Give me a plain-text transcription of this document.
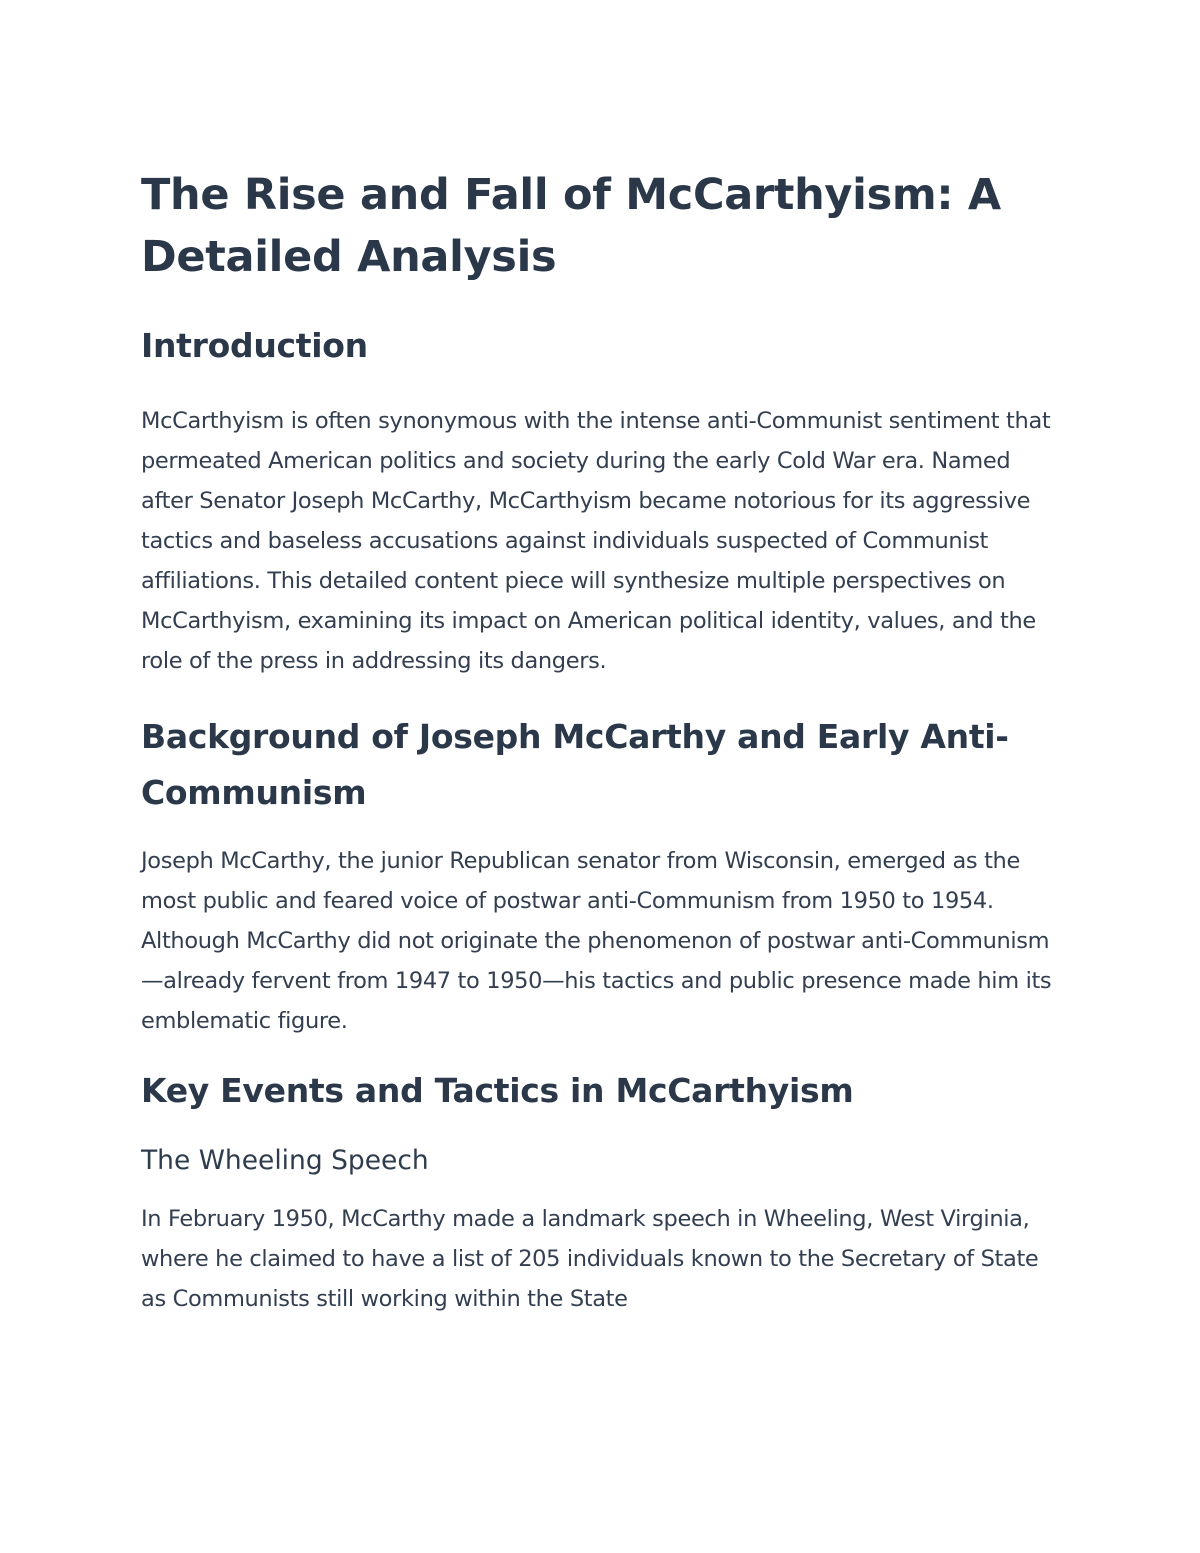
The Rise and Fall of McCarthyism: A Detailed Analysis
Introduction

McCarthyism is often synonymous with the intense anti-Communist sentiment that permeated American politics and society during the early Cold War era. Named after Senator Joseph McCarthy, McCarthyism became notorious for its aggressive tactics and baseless accusations against individuals suspected of Communist affiliations. This detailed content piece will synthesize multiple perspectives on McCarthyism, examining its impact on American political identity, values, and the role of the press in addressing its dangers.

Background of Joseph McCarthy and Early Anti-Communism

Joseph McCarthy, the junior Republican senator from Wisconsin, emerged as the most public and feared voice of postwar anti-Communism from 1950 to 1954. Although McCarthy did not originate the phenomenon of postwar anti-Communism—already fervent from 1947 to 1950—his tactics and public presence made him its emblematic figure.

Key Events and Tactics in McCarthyism
The Wheeling Speech

In February 1950, McCarthy made a landmark speech in Wheeling, West Virginia, where he claimed to have a list of 205 individuals known to the Secretary of State as Communists still working within the State
